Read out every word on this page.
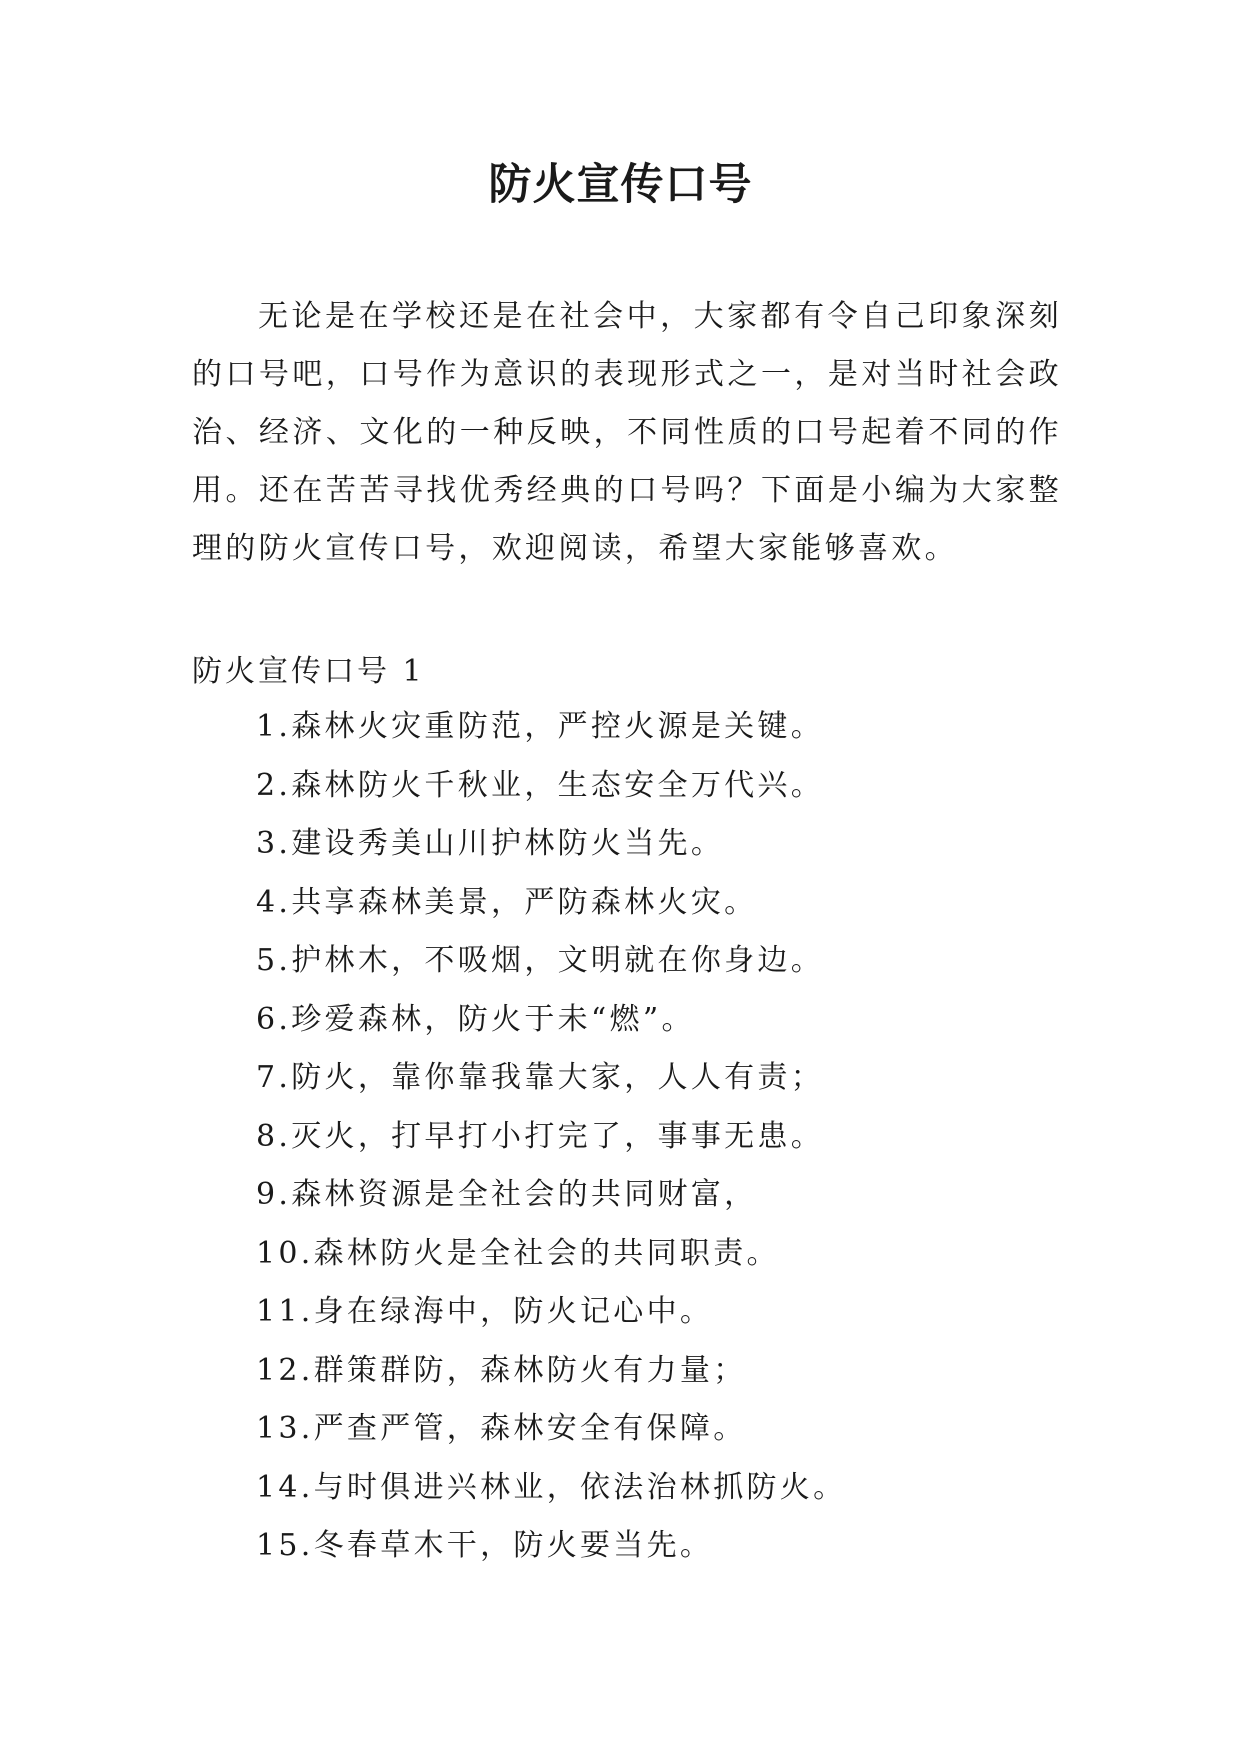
防火宣传口号

无论是在学校还是在社会中，大家都有令自己印象深刻的口号吧，口号作为意识的表现形式之一，是对当时社会政治、经济、文化的一种反映，不同性质的口号起着不同的作用。还在苦苦寻找优秀经典的口号吗？下面是小编为大家整理的防火宣传口号，欢迎阅读，希望大家能够喜欢。

防火宣传口号 1

1.森林火灾重防范，严控火源是关键。
2.森林防火千秋业，生态安全万代兴。
3.建设秀美山川护林防火当先。
4.共享森林美景，严防森林火灾。
5.护林木，不吸烟，文明就在你身边。
6.珍爱森林，防火于未“燃”。
7.防火，靠你靠我靠大家，人人有责；
8.灭火，打早打小打完了，事事无患。
9.森林资源是全社会的共同财富，
10.森林防火是全社会的共同职责。
11.身在绿海中，防火记心中。
12.群策群防，森林防火有力量；
13.严查严管，森林安全有保障。
14.与时俱进兴林业，依法治林抓防火。
15.冬春草木干，防火要当先。
